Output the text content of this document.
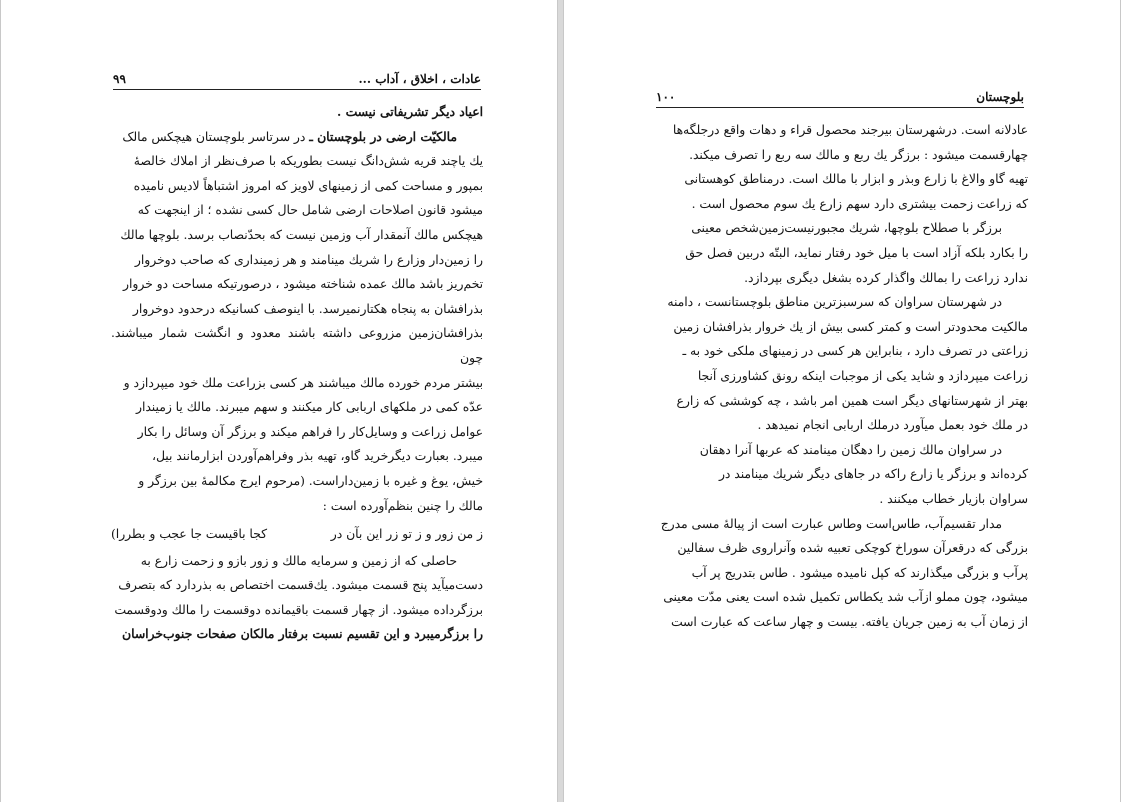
عادات ، اخلاق ، آداب ...
۹۹

اعیاد دیگر تشریفاتی نیست .

مالکیّت ارضی در بلوچستان ـ در سرتاسر بلوچستان هیچکس مالک

یك یاچند قریه شش‌دانگ نیست بطوریکه با صرف‌نظر از املاك خالصهٔ

بمپور و مساحت کمی از زمینهای لاویز که امروز اشتباهاً لادیس نامیده

میشود قانون اصلاحات ارضی شامل حال کسی نشده ؛ از اینجهت که

هیچکس مالك آنمقدار آب وزمین نیست که بحدّنصاب برسد. بلوچها مالك

را زمین‌دار وزارع را شریك مینامند و هر زمینداری که صاحب دوخروار

تخم‌ریز باشد مالك عمده شناخته میشود ، درصورتیکه مساحت دو خروار

بذرافشان به پنجاه هکتارنمیرسد. با اینوصف کسانیکه درحدود دوخروار

بذرافشان‌زمین مزروعی داشته باشند معدود و انگشت شمار میباشند. چون

بیشتر مردم خورده مالك میباشند هر کسی بزراعت ملك خود میپردازد و

عدّه کمی در ملکهای اربابی کار میکنند و سهم میبرند. مالك یا زمیندار

عوامل زراعت و وسایل‌کار را فراهم میکند و برزگر آن وسائل را بکار

میبرد. بعبارت دیگرخرید گاو، تهیه بذر وفراهم‌آوردن ابزارمانند بیل،

خیش، یوغ و غیره با زمین‌داراست. (مرحوم ایرج مکالمهٔ بین برزگر و

مالك را چنین بنظم‌آورده است :

ز من زور و ز تو زر این بآن در
کجا باقیست جا عجب و بطررا)

حاصلی که از زمین و سرمایه مالك و زور بازو و زحمت زارع به

دست‌میآید پنج قسمت میشود. یك‌قسمت اختصاص به بذردارد که بتصرف

برزگرداده میشود. از چهار قسمت باقیمانده دوقسمت را مالك ودوقسمت

را برزگرمیبرد و این تقسیم نسبت برفتار مالکان صفحات جنوب‌خراسان

بلوچستان
۱۰۰

عادلانه است. درشهرستان بیرجند محصول قراء و دهات واقع درجلگه‌ها

چهارقسمت میشود : برزگر یك ربع و مالك سه ربع را تصرف میکند.

تهیه گاو والاغ با زارع وبذر و ابزار با مالك است. درمناطق کوهستانی

که زراعت زحمت بیشتری دارد سهم زارع یك سوم محصول است .

برزگر با صطلاح بلوچها، شریك مجبورنیست‌زمین‌شخص معینی

را بکارد بلکه آزاد است با میل خود رفتار نماید، البتّه دربین فصل حق

ندارد زراعت را بمالك واگذار کرده بشغل دیگری بپردازد.

در شهرستان سراوان که سرسبزترین مناطق بلوچستانست ، دامنه

مالکیت محدودتر است و کمتر کسی بیش از یك خروار بذرافشان زمین

زراعتی در تصرف دارد ، بنابراین هر کسی در زمینهای ملکی خود به ـ

زراعت میپردازد و شاید یکی از موجبات اینکه رونق کشاورزی آنجا

بهتر از شهرستانهای دیگر است همین امر باشد ، چه کوششی که زارع

در ملك خود بعمل میآورد درملك اربابی انجام نمیدهد .

در سراوان مالك زمین را دهگان مینامند که عربها آنرا دهقان

کرده‌اند و برزگر یا زارع راکه در جاهای دیگر شریك مینامند در

سراوان بازیار خطاب میکنند .

مدار تقسیم‌آب، طاس‌است وطاس عبارت است از پیالهٔ مسی مدرج

بزرگی که درقعرآن سوراخ کوچکی تعبیه شده وآنراروی ظرف سفالین

پرآب و بزرگی میگذارند که کپل نامیده میشود . طاس بتدریج پر آب

میشود، چون مملو ازآب شد یکطاس تکمیل شده است یعنی مدّت معینی

از زمان آب به زمین جریان یافته. بیست و چهار ساعت که عبارت است
